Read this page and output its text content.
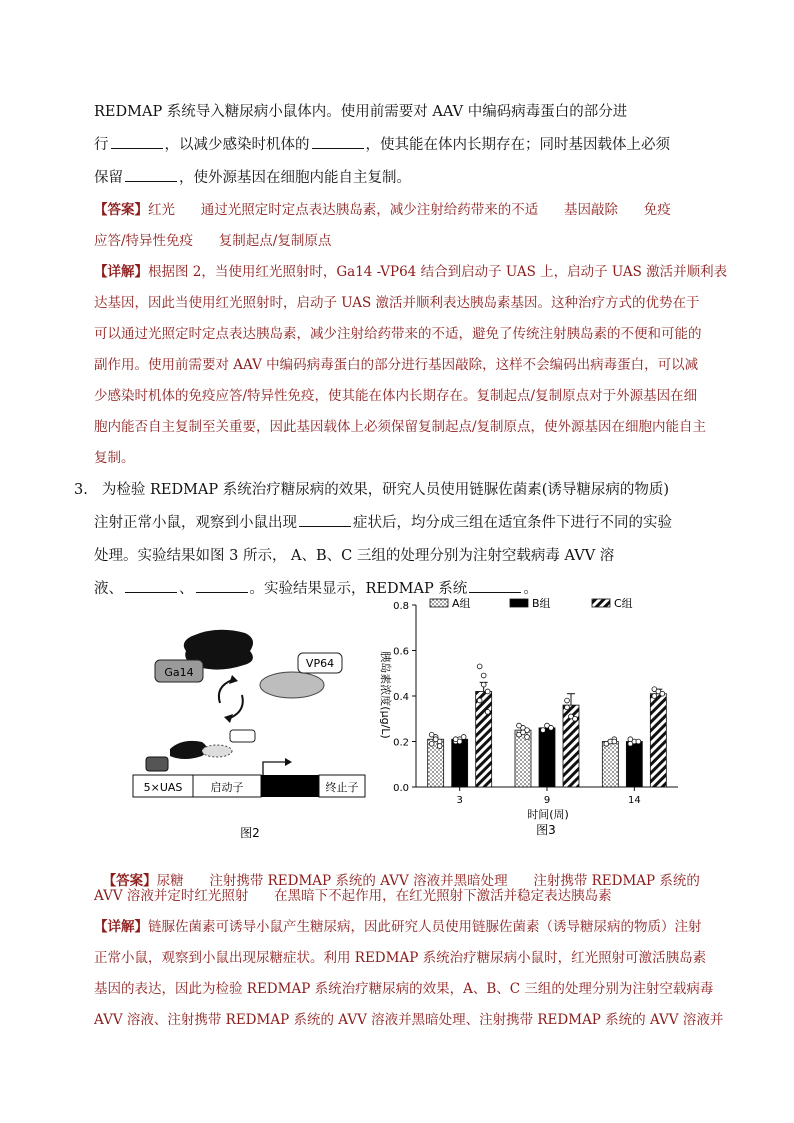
REDMAP 系统导入糖尿病小鼠体内。使用前需要对 AAV 中编码病毒蛋白的部分进
行	，以减少感染时机体的	，使其能在体内长期存在；同时基因载体上必须
保留	，使外源基因在细胞内能自主复制。
【答案】红光      通过光照定时定点表达胰岛素，减少注射给药带来的不适      基因敲除      免疫
应答/特异性免疫      复制起点/复制原点
【详解】根据图 2，当使用红光照射时，Ga14 -VP64 结合到启动子 UAS 上，启动子 UAS 激活并顺利表
达基因，因此当使用红光照射时，启动子 UAS 激活并顺利表达胰岛素基因。这种治疗方式的优势在于
可以通过光照定时定点表达胰岛素，减少注射给药带来的不适，避免了传统注射胰岛素的不便和可能的
副作用。使用前需要对 AAV 中编码病毒蛋白的部分进行基因敲除，这样不会编码出病毒蛋白，可以减
少感染时机体的免疫应答/特异性免疫，使其能在体内长期存在。复制起点/复制原点对于外源基因在细
胞内能否自主复制至关重要，因此基因载体上必须保留复制起点/复制原点，使外源基因在细胞内能自主
复制。
3. 为检验 REDMAP 系统治疗糖尿病的效果，研究人员使用链脲佐菌素(诱导糖尿病的物质)
注射正常小鼠，观察到小鼠出现	症状后，均分成三组在适宜条件下进行不同的实验
处理。实验结果如图 3 所示， A、B、C 三组的处理分别为注射空载病毒 AVV 溶
液、	、	。实验结果显示，REDMAP 系统	。
Ga14
VP64
5×UAS	启动子	终止子
图2
0.0
0.2
0.4
0.6
0.8
3	9	14
A组	B组	C组
胰岛素浓度(μg/L)
时间(周)
图3

【答案】尿糖      注射携带 REDMAP 系统的 AVV 溶液并黑暗处理      注射携带 REDMAP 系统的

AVV 溶液并定时红光照射      在黑暗下不起作用，在红光照射下激活并稳定表达胰岛素
【详解】链脲佐菌素可诱导小鼠产生糖尿病，因此研究人员使用链脲佐菌素（诱导糖尿病的物质）注射
正常小鼠，观察到小鼠出现尿糖症状。利用 REDMAP 系统治疗糖尿病小鼠时，红光照射可激活胰岛素
基因的表达，因此为检验 REDMAP 系统治疗糖尿病的效果，A、B、C 三组的处理分别为注射空载病毒
AVV 溶液、注射携带 REDMAP 系统的 AVV 溶液并黑暗处理、注射携带 REDMAP 系统的 AVV 溶液并
